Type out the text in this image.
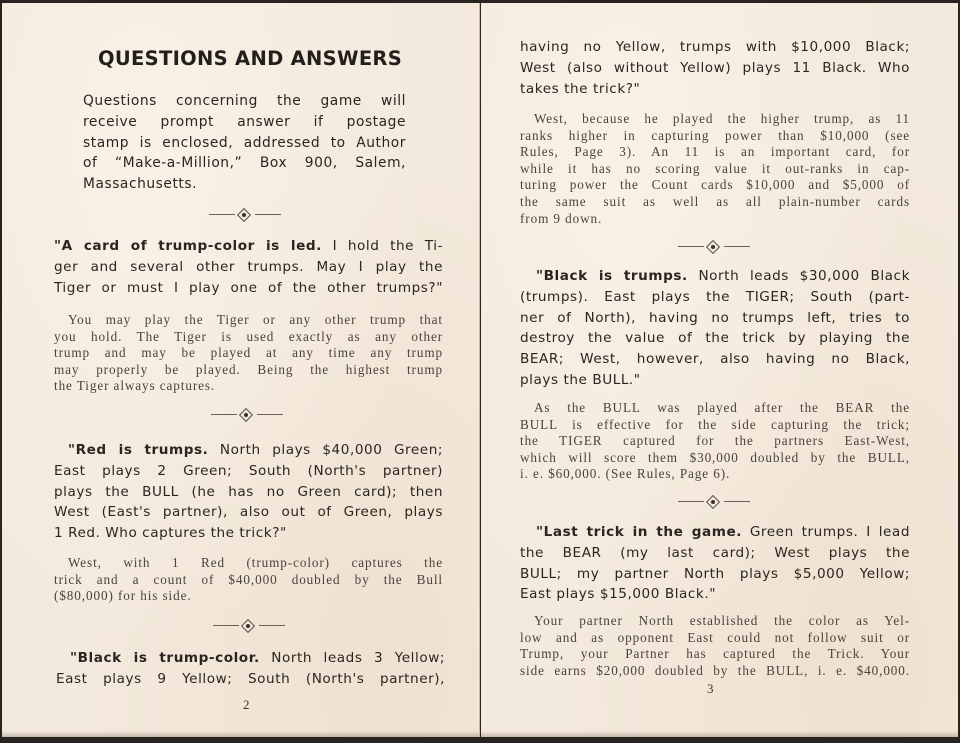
QUESTIONS AND ANSWERS
Questions concerning the game will
receive prompt answer if postage
stamp is enclosed, addressed to Author
of “Make-a-Million,” Box 900, Salem,
Massachusetts.
"A card of trump-color is led. I hold the Ti-
ger and several other trumps. May I play the
Tiger or must I play one of the other trumps?"
You may play the Tiger or any other trump that
you hold. The Tiger is used exactly as any other
trump and may be played at any time any trump
may properly be played. Being the highest trump
the Tiger always captures.
"Red is trumps. North plays $40,000 Green;
East plays 2 Green; South (North's partner)
plays the BULL (he has no Green card); then
West (East's partner), also out of Green, plays
1 Red. Who captures the trick?"
West, with 1 Red (trump-color) captures the
trick and a count of $40,000 doubled by the Bull
($80,000) for his side.
"Black is trump-color. North leads 3 Yellow;
East plays 9 Yellow; South (North's partner),
2
having no Yellow, trumps with $10,000 Black;
West (also without Yellow) plays 11 Black. Who
takes the trick?"
West, because he played the higher trump, as 11
ranks higher in capturing power than $10,000 (see
Rules, Page 3). An 11 is an important card, for
while it has no scoring value it out-ranks in cap-
turing power the Count cards $10,000 and $5,000 of
the same suit as well as all plain-number cards
from 9 down.
"Black is trumps. North leads $30,000 Black
(trumps). East plays the TIGER; South (part-
ner of North), having no trumps left, tries to
destroy the value of the trick by playing the
BEAR; West, however, also having no Black,
plays the BULL."
As the BULL was played after the BEAR the
BULL is effective for the side capturing the trick;
the TIGER captured for the partners East-West,
which will score them $30,000 doubled by the BULL,
i. e. $60,000. (See Rules, Page 6).
"Last trick in the game. Green trumps. I lead
the BEAR (my last card); West plays the
BULL; my partner North plays $5,000 Yellow;
East plays $15,000 Black."
Your partner North established the color as Yel-
low and as opponent East could not follow suit or
Trump, your Partner has captured the Trick. Your
side earns $20,000 doubled by the BULL, i. e. $40,000.
3
